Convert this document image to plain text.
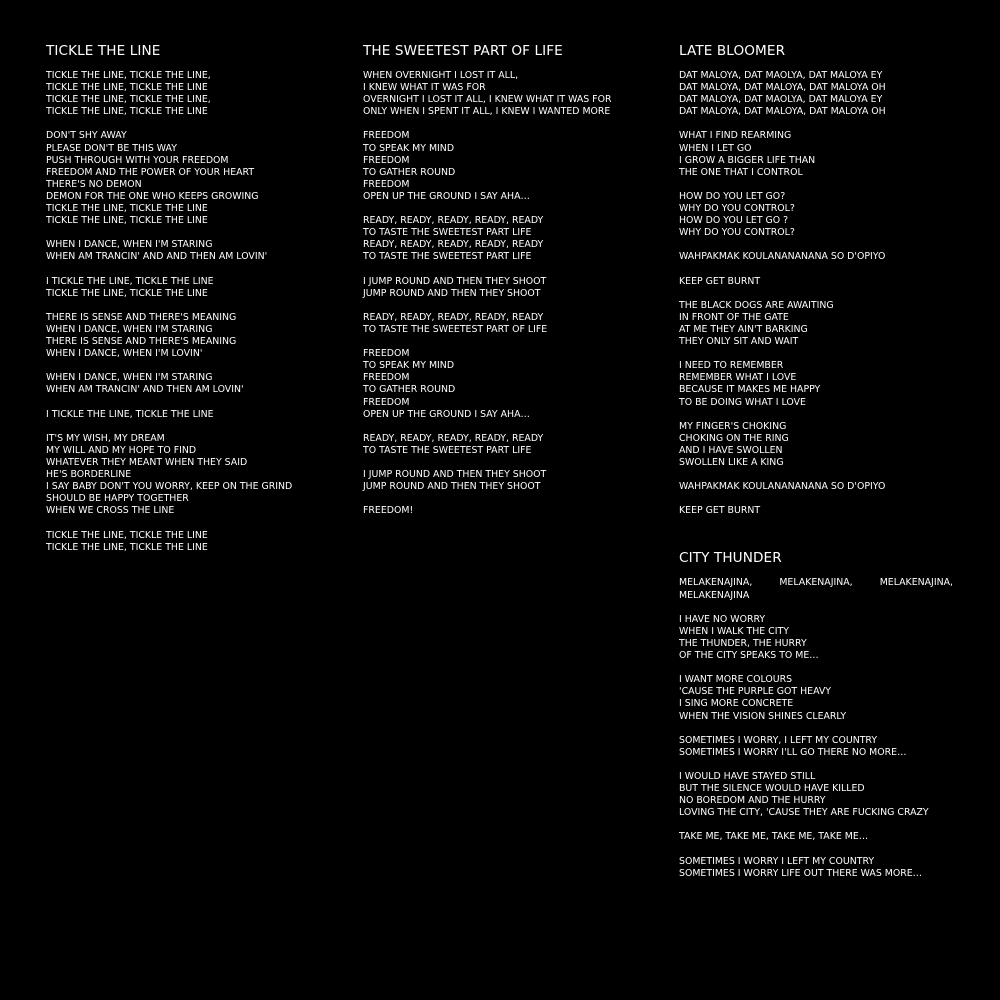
TICKLE THE LINE
TICKLE THE LINE, TICKLE THE LINE,
TICKLE THE LINE, TICKLE THE LINE
TICKLE THE LINE, TICKLE THE LINE,
TICKLE THE LINE, TICKLE THE LINE
DON'T SHY AWAY
PLEASE DON'T BE THIS WAY
PUSH THROUGH WITH YOUR FREEDOM
FREEDOM AND THE POWER OF YOUR HEART
THERE'S NO DEMON
DEMON FOR THE ONE WHO KEEPS GROWING
TICKLE THE LINE, TICKLE THE LINE
TICKLE THE LINE, TICKLE THE LINE
WHEN I DANCE, WHEN I'M STARING
WHEN AM TRANCIN' AND AND THEN AM LOVIN'
I TICKLE THE LINE, TICKLE THE LINE
TICKLE THE LINE, TICKLE THE LINE
THERE IS SENSE AND THERE'S MEANING
WHEN I DANCE, WHEN I'M STARING
THERE IS SENSE AND THERE'S MEANING
WHEN I DANCE, WHEN I'M LOVIN'
WHEN I DANCE, WHEN I'M STARING
WHEN AM TRANCIN' AND THEN AM LOVIN'
I TICKLE THE LINE, TICKLE THE LINE
IT'S MY WISH, MY DREAM
MY WILL AND MY HOPE TO FIND
WHATEVER THEY MEANT WHEN THEY SAID
HE'S BORDERLINE
I SAY BABY DON'T YOU WORRY, KEEP ON THE GRIND
SHOULD BE HAPPY TOGETHER
WHEN WE CROSS THE LINE
TICKLE THE LINE, TICKLE THE LINE
TICKLE THE LINE, TICKLE THE LINE
THE SWEETEST PART OF LIFE
WHEN OVERNIGHT I LOST IT ALL,
I KNEW WHAT IT WAS FOR
OVERNIGHT I LOST IT ALL, I KNEW WHAT IT WAS FOR
ONLY WHEN I SPENT IT ALL, I KNEW I WANTED MORE
FREEDOM
TO SPEAK MY MIND
FREEDOM
TO GATHER ROUND
FREEDOM
OPEN UP THE GROUND I SAY AHA…
READY, READY, READY, READY, READY
TO TASTE THE SWEETEST PART LIFE
READY, READY, READY, READY, READY
TO TASTE THE SWEETEST PART LIFE
I JUMP ROUND AND THEN THEY SHOOT
JUMP ROUND AND THEN THEY SHOOT
READY, READY, READY, READY, READY
TO TASTE THE SWEETEST PART OF LIFE
FREEDOM
TO SPEAK MY MIND
FREEDOM
TO GATHER ROUND
FREEDOM
OPEN UP THE GROUND I SAY AHA…
READY, READY, READY, READY, READY
TO TASTE THE SWEETEST PART LIFE
I JUMP ROUND AND THEN THEY SHOOT
JUMP ROUND AND THEN THEY SHOOT
FREEDOM!
LATE BLOOMER
DAT MALOYA, DAT MAOLYA, DAT MALOYA EY
DAT MALOYA, DAT MALOYA, DAT MALOYA OH
DAT MALOYA, DAT MAOLYA, DAT MALOYA EY
DAT MALOYA, DAT MALOYA, DAT MALOYA OH
WHAT I FIND REARMING
WHEN I LET GO
I GROW A BIGGER LIFE THAN
THE ONE THAT I CONTROL
HOW DO YOU LET GO?
WHY DO YOU CONTROL?
HOW DO YOU LET GO ?
WHY DO YOU CONTROL?
WAHPAKMAK KOULANANANANA SO D'OPIYO
KEEP GET BURNT
THE BLACK DOGS ARE AWAITING
IN FRONT OF THE GATE
AT ME THEY AIN'T BARKING
THEY ONLY SIT AND WAIT
I NEED TO REMEMBER
REMEMBER WHAT I LOVE
BECAUSE IT MAKES ME HAPPY
TO BE DOING WHAT I LOVE
MY FINGER'S CHOKING
CHOKING ON THE RING
AND I HAVE SWOLLEN
SWOLLEN LIKE A KING
WAHPAKMAK KOULANANANANA SO D'OPIYO
KEEP GET BURNT
CITY THUNDER
MELAKENAJINA, MELAKENAJINA, MELAKENAJINA, MELAKENAJINA
I HAVE NO WORRY
WHEN I WALK THE CITY
THE THUNDER, THE HURRY
OF THE CITY SPEAKS TO ME…
I WANT MORE COLOURS
'CAUSE THE PURPLE GOT HEAVY
I SING MORE CONCRETE
WHEN THE VISION SHINES CLEARLY
SOMETIMES I WORRY, I LEFT MY COUNTRY
SOMETIMES I WORRY I'LL GO THERE NO MORE…
I WOULD HAVE STAYED STILL
BUT THE SILENCE WOULD HAVE KILLED
NO BOREDOM AND THE HURRY
LOVING THE CITY, 'CAUSE THEY ARE FUCKING CRAZY
TAKE ME, TAKE ME, TAKE ME, TAKE ME…
SOMETIMES I WORRY I LEFT MY COUNTRY
SOMETIMES I WORRY LIFE OUT THERE WAS MORE…
